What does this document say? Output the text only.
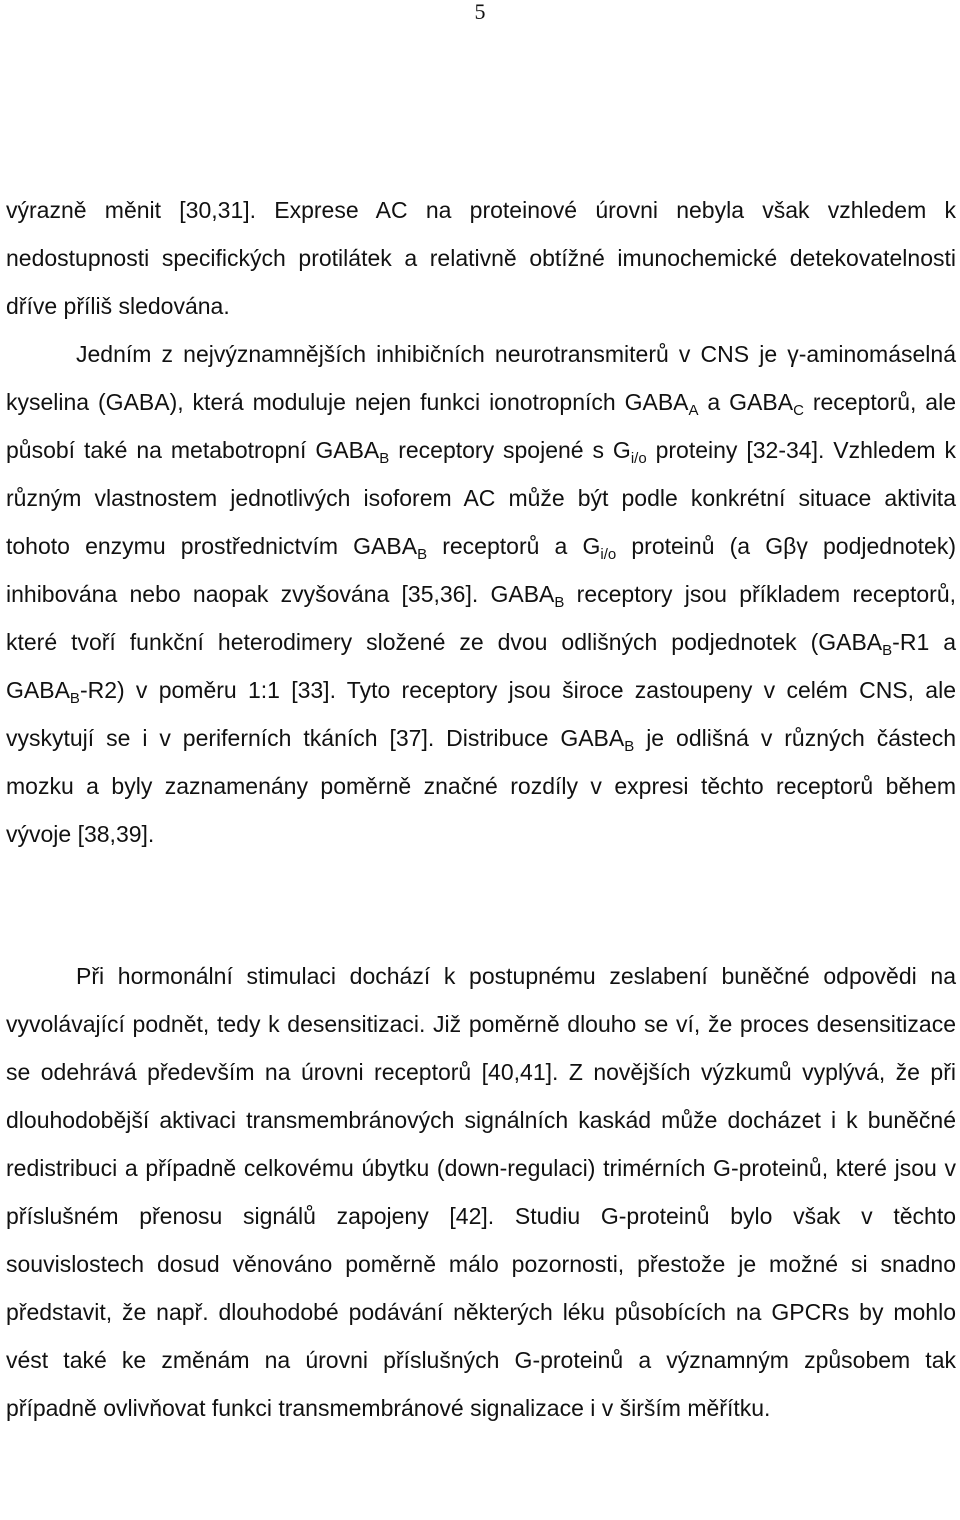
5

výrazně měnit [30,31]. Exprese AC na proteinové úrovni nebyla však vzhledem k nedostupnosti specifických protilátek a relativně obtížné imunochemické detekovatelnosti dříve příliš sledována.

Jedním z nejvýznamnějších inhibičních neurotransmiterů v CNS je γ-aminomáselná kyselina (GABA), která moduluje nejen funkci ionotropních $GABA_A$ a $GABA_C$ receptorů, ale působí také na metabotropní $GABA_B$ receptory spojené s $G_{i/o}$ proteiny [32-34]. Vzhledem k různým vlastnostem jednotlivých isoforem AC může být podle konkrétní situace aktivita tohoto enzymu prostřednictvím $GABA_B$ receptorů a $G_{i/o}$ proteinů (a Gβγ podjednotek) inhibována nebo naopak zvyšována [35,36]. $GABA_B$ receptory jsou příkladem receptorů, které tvoří funkční heterodimery složené ze dvou odlišných podjednotek ($GABA_B-R1$ a $GABA_B-R2$) v poměru 1:1 [33]. Tyto receptory jsou široce zastoupeny v celém CNS, ale vyskytují se i v periferních tkáních [37]. Distribuce $GABA_B$ je odlišná v různých částech mozku a byly zaznamenány poměrně značné rozdíly v expresi těchto receptorů během vývoje [38,39].

Při hormonální stimulaci dochází k postupnému zeslabení buněčné odpovědi na vyvolávající podnět, tedy k desensitizaci. Již poměrně dlouho se ví, že proces desensitizace se odehrává především na úrovni receptorů [40,41]. Z novějších výzkumů vyplývá, že při dlouhodobější aktivaci transmembránových signálních kaskád může docházet i k buněčné redistribuci a případně celkovému úbytku (down-regulaci) trimérních G-proteinů, které jsou v příslušném přenosu signálů zapojeny [42]. Studiu G-proteinů bylo však v těchto souvislostech dosud věnováno poměrně málo pozornosti, přestože je možné si snadno představit, že např. dlouhodobé podávání některých léku působících na GPCRs by mohlo vést také ke změnám na úrovni příslušných G-proteinů a významným způsobem tak případně ovlivňovat funkci transmembránové signalizace i v širším měřítku.
